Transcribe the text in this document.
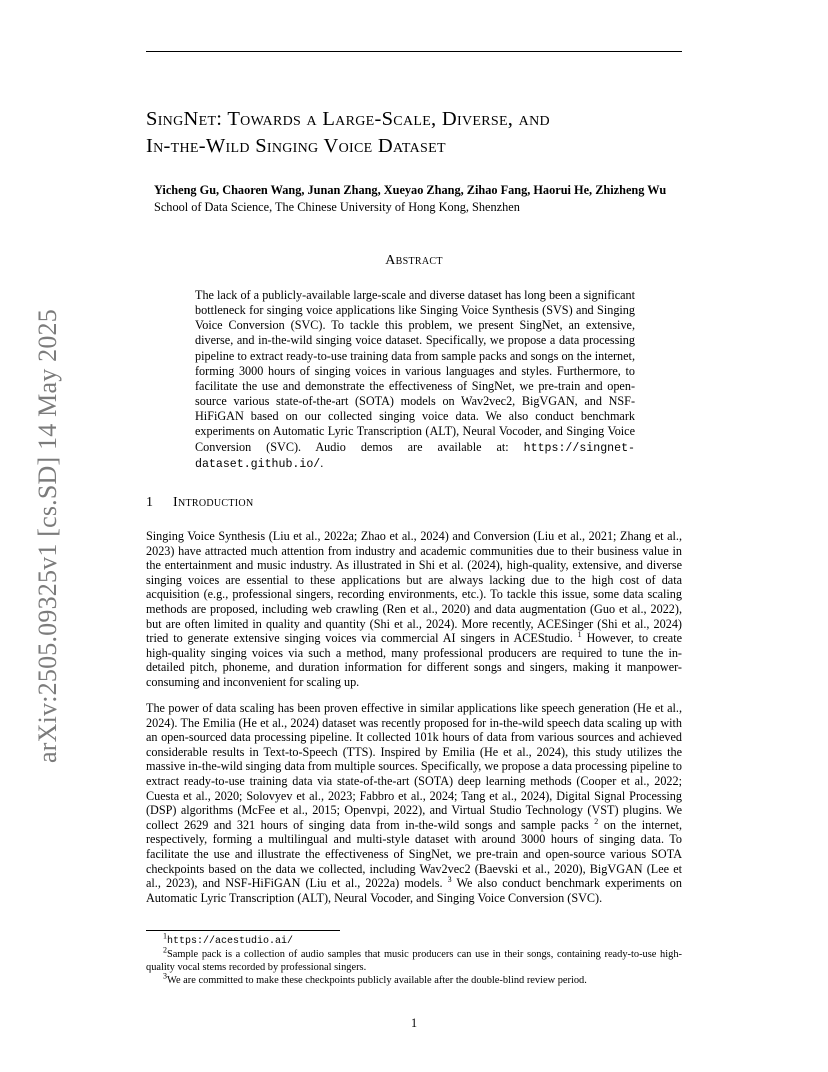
arXiv:2505.09325v1 [cs.SD] 14 May 2025
SingNet: Towards a Large-Scale, Diverse, and
In-the-Wild Singing Voice Dataset
Yicheng Gu, Chaoren Wang, Junan Zhang, Xueyao Zhang, Zihao Fang, Haorui He, Zhizheng Wu
School of Data Science, The Chinese University of Hong Kong, Shenzhen
Abstract
The lack of a publicly-available large-scale and diverse dataset has long been a significant bottleneck for singing voice applications like Singing Voice Synthesis (SVS) and Singing Voice Conversion (SVC). To tackle this problem, we present SingNet, an extensive, diverse, and in-the-wild singing voice dataset. Specifically, we propose a data processing pipeline to extract ready-to-use training data from sample packs and songs on the internet, forming 3000 hours of singing voices in various languages and styles. Furthermore, to facilitate the use and demonstrate the effectiveness of SingNet, we pre-train and open-source various state-of-the-art (SOTA) models on Wav2vec2, BigVGAN, and NSF-HiFiGAN based on our collected singing voice data. We also conduct benchmark experiments on Automatic Lyric Transcription (ALT), Neural Vocoder, and Singing Voice Conversion (SVC). Audio demos are available at: https://singnet-dataset.github.io/.
1 Introduction
Singing Voice Synthesis (Liu et al., 2022a; Zhao et al., 2024) and Conversion (Liu et al., 2021; Zhang et al., 2023) have attracted much attention from industry and academic communities due to their business value in the entertainment and music industry. As illustrated in Shi et al. (2024), high-quality, extensive, and diverse singing voices are essential to these applications but are always lacking due to the high cost of data acquisition (e.g., professional singers, recording environments, etc.). To tackle this issue, some data scaling methods are proposed, including web crawling (Ren et al., 2020) and data augmentation (Guo et al., 2022), but are often limited in quality and quantity (Shi et al., 2024). More recently, ACESinger (Shi et al., 2024) tried to generate extensive singing voices via commercial AI singers in ACEStudio. $^1$ However, to create high-quality singing voices via such a method, many professional producers are required to tune the in-detailed pitch, phoneme, and duration information for different songs and singers, making it manpower-consuming and inconvenient for scaling up.
The power of data scaling has been proven effective in similar applications like speech generation (He et al., 2024). The Emilia (He et al., 2024) dataset was recently proposed for in-the-wild speech data scaling up with an open-sourced data processing pipeline. It collected 101k hours of data from various sources and achieved considerable results in Text-to-Speech (TTS). Inspired by Emilia (He et al., 2024), this study utilizes the massive in-the-wild singing data from multiple sources. Specifically, we propose a data processing pipeline to extract ready-to-use training data via state-of-the-art (SOTA) deep learning methods (Cooper et al., 2022; Cuesta et al., 2020; Solovyev et al., 2023; Fabbro et al., 2024; Tang et al., 2024), Digital Signal Processing (DSP) algorithms (McFee et al., 2015; Openvpi, 2022), and Virtual Studio Technology (VST) plugins. We collect 2629 and 321 hours of singing data from in-the-wild songs and sample packs $^2$ on the internet, respectively, forming a multilingual and multi-style dataset with around 3000 hours of singing data. To facilitate the use and illustrate the effectiveness of SingNet, we pre-train and open-source various SOTA checkpoints based on the data we collected, including Wav2vec2 (Baevski et al., 2020), BigVGAN (Lee et al., 2023), and NSF-HiFiGAN (Liu et al., 2022a) models. $^3$ We also conduct benchmark experiments on Automatic Lyric Transcription (ALT), Neural Vocoder, and Singing Voice Conversion (SVC).

$^1$https://acestudio.ai/

$^2$Sample pack is a collection of audio samples that music producers can use in their songs, containing ready-to-use high-quality vocal stems recorded by professional singers.

$^3$We are committed to make these checkpoints publicly available after the double-blind review period.

1
